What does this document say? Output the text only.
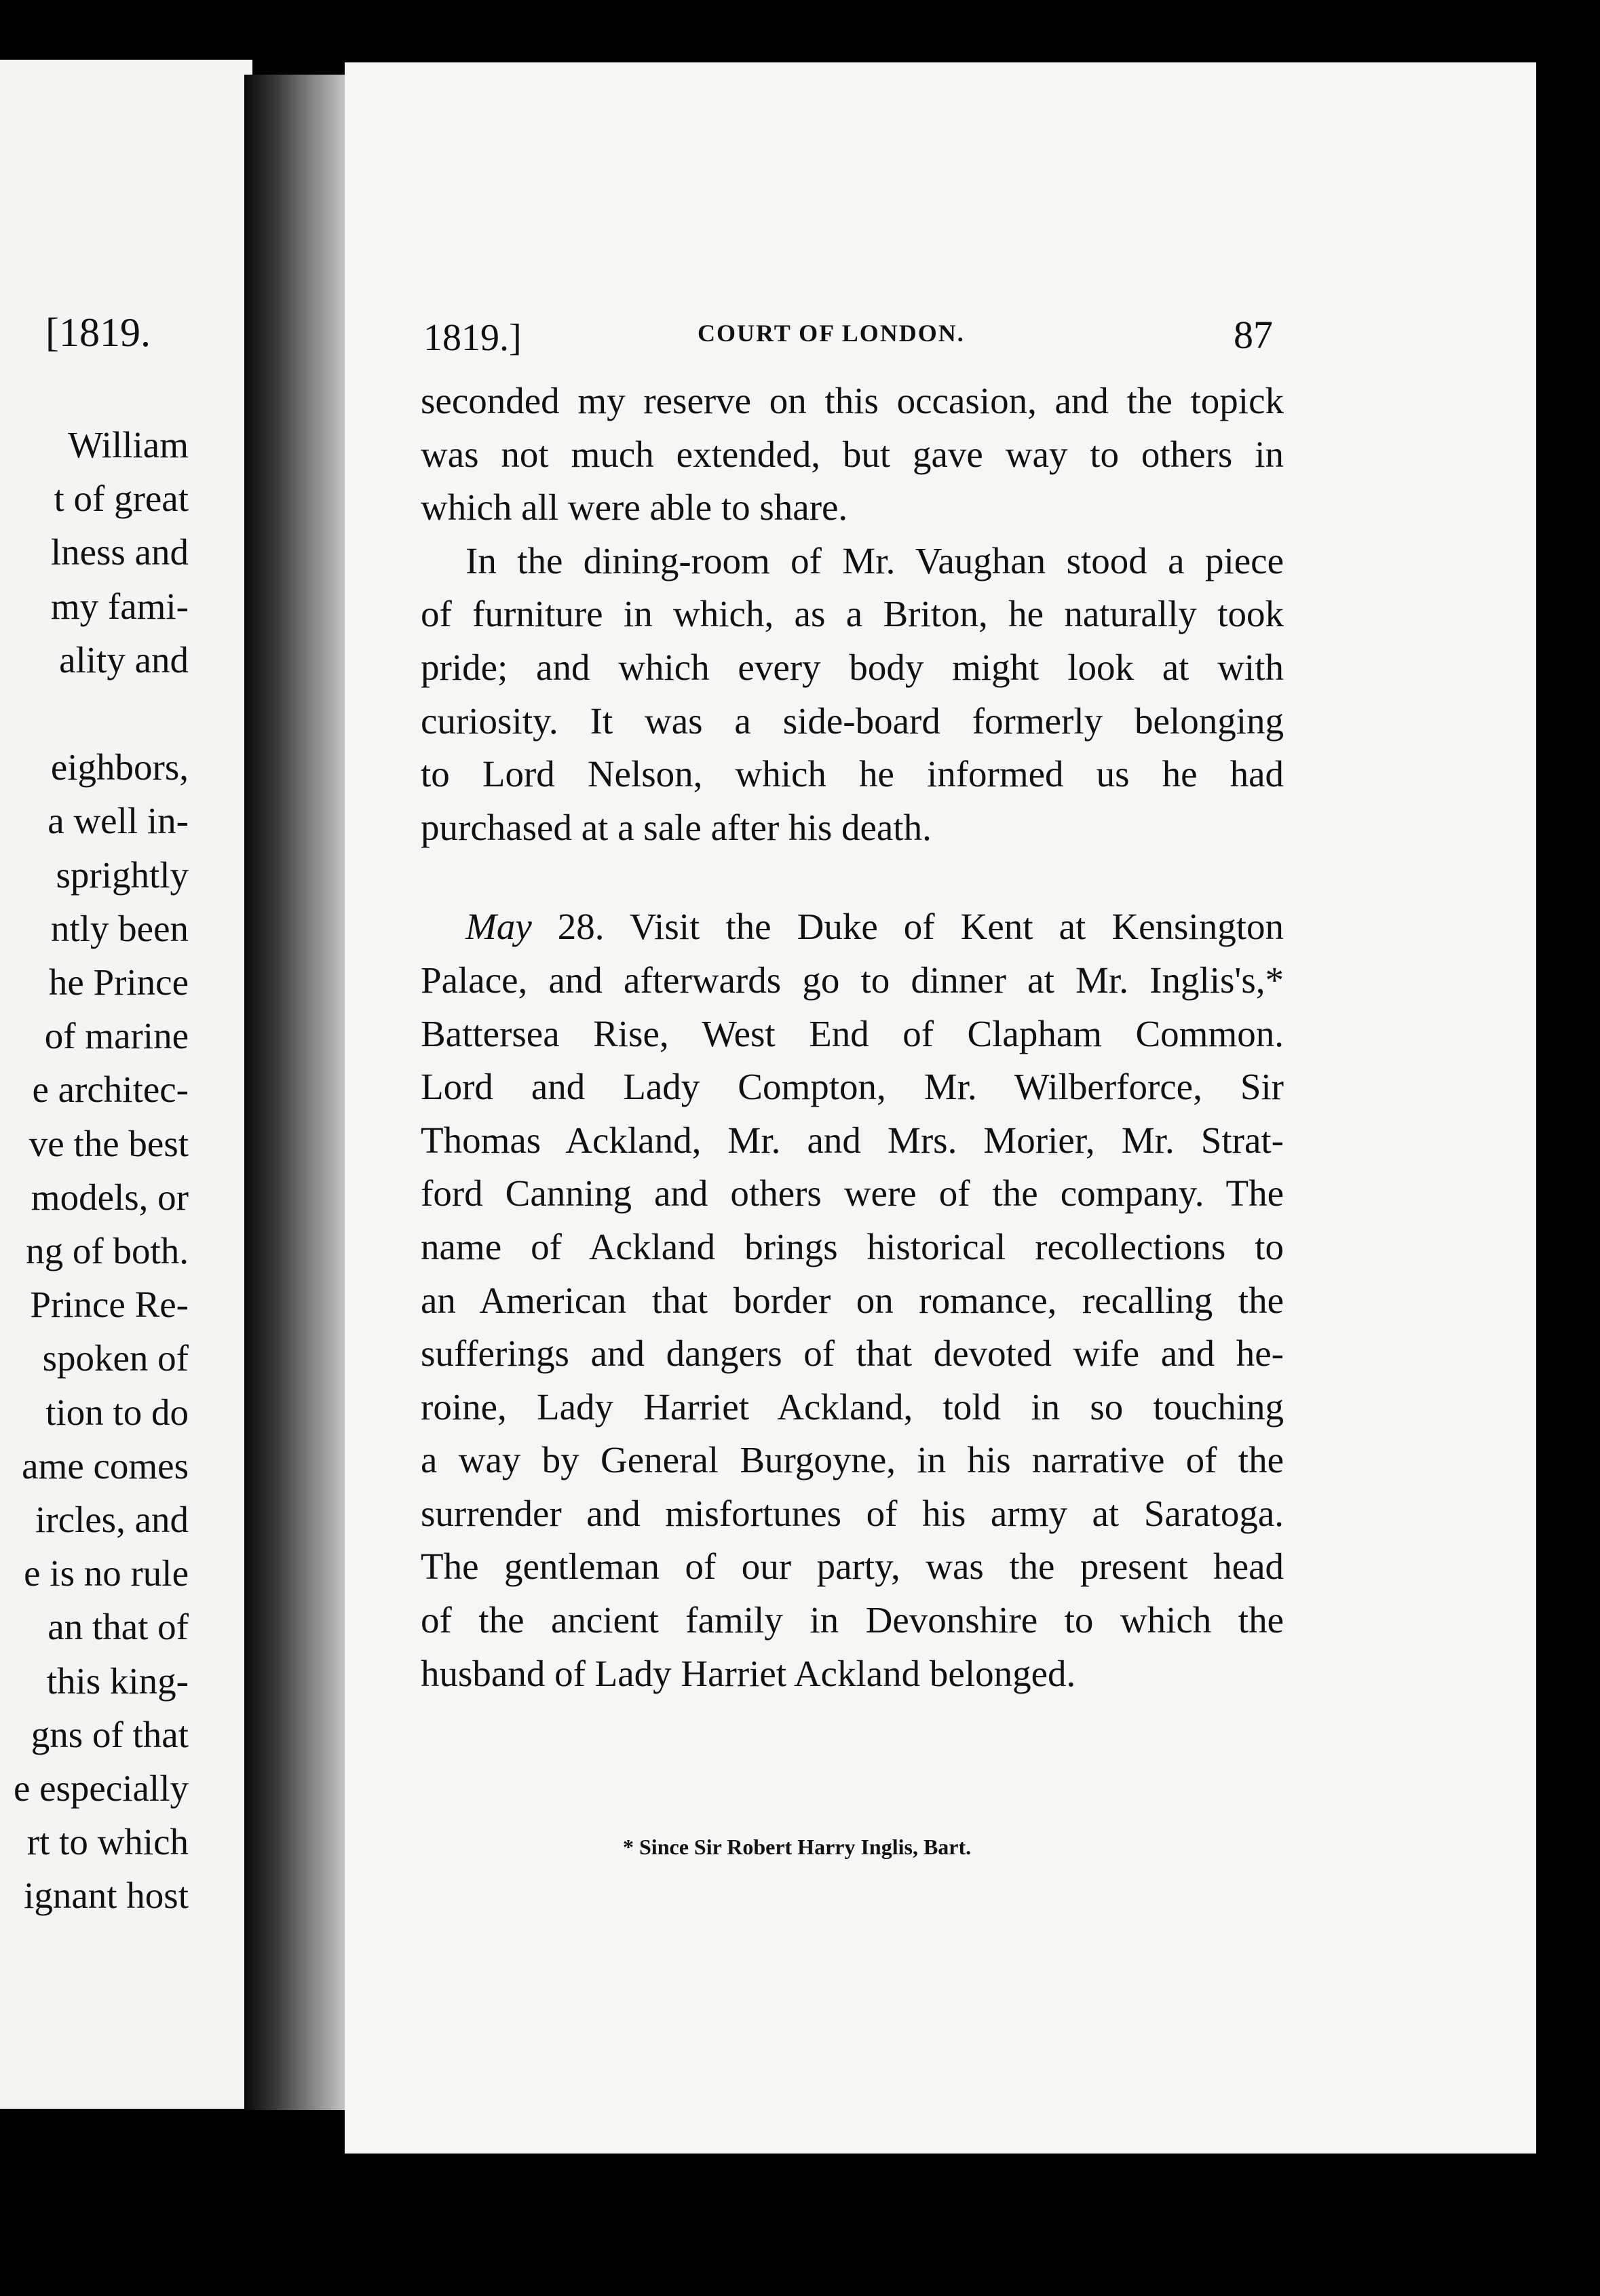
[1819.
William
t of great
lness and
my fami-
ality and

eighbors,
a well in-
sprightly
ntly been
he Prince
of marine
e architec-
ve the best
models, or
ng of both.
Prince Re-
spoken of
tion to do
ame comes
ircles, and
e is no rule
an that of
this king-
gns of that
e especially
rt to which
ignant host
1819.]	COURT OF LONDON.	87
seconded my reserve on this occasion, and the topick
was not much extended, but gave way to others in
which all were able to share.
In the dining-room of Mr. Vaughan stood a piece
of furniture in which, as a Briton, he naturally took
pride; and which every body might look at with
curiosity. It was a side-board formerly belonging
to Lord Nelson, which he informed us he had
purchased at a sale after his death.
May 28. Visit the Duke of Kent at Kensington
Palace, and afterwards go to dinner at Mr. Inglis's,*
Battersea Rise, West End of Clapham Common.
Lord and Lady Compton, Mr. Wilberforce, Sir
Thomas Ackland, Mr. and Mrs. Morier, Mr. Strat-
ford Canning and others were of the company. The
name of Ackland brings historical recollections to
an American that border on romance, recalling the
sufferings and dangers of that devoted wife and he-
roine, Lady Harriet Ackland, told in so touching
a way by General Burgoyne, in his narrative of the
surrender and misfortunes of his army at Saratoga.
The gentleman of our party, was the present head
of the ancient family in Devonshire to which the
husband of Lady Harriet Ackland belonged.
* Since Sir Robert Harry Inglis, Bart.
